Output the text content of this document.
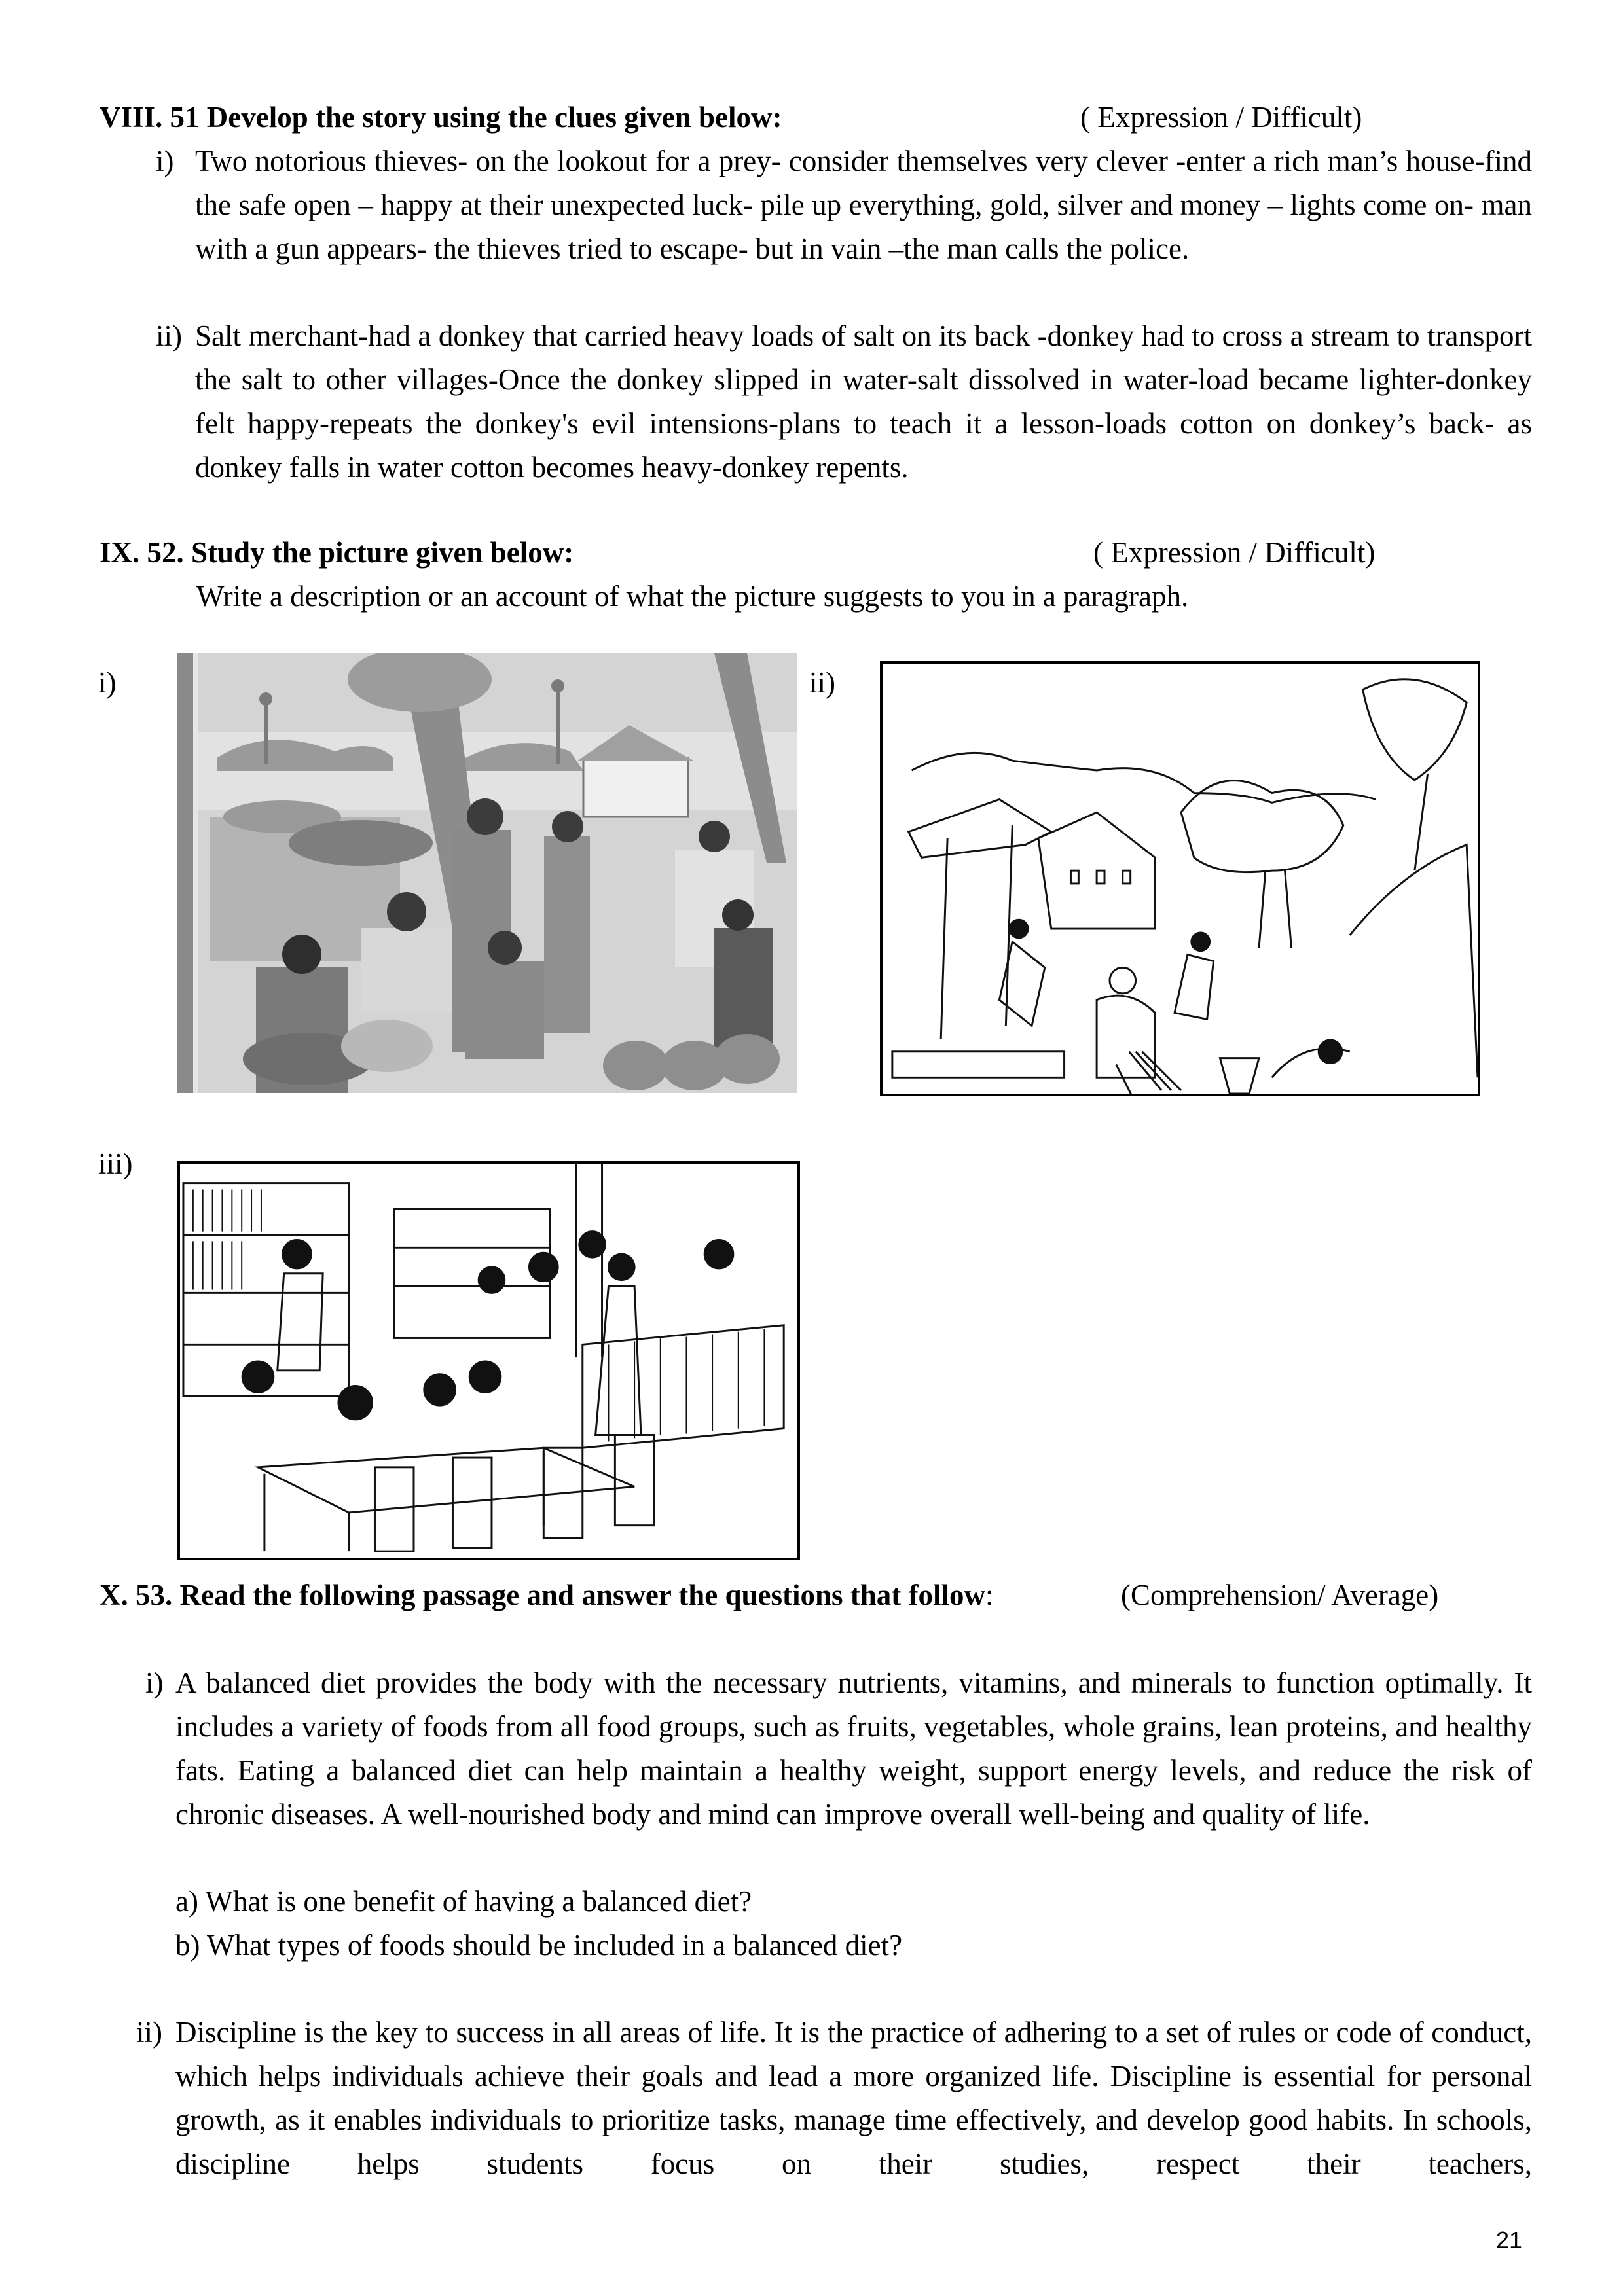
VIII. 51 Develop the story using the clues given below:	( Expression / Difficult)
i) Two notorious thieves- on the lookout for a prey- consider themselves very clever -enter a rich man’s house-find the safe open – happy at their unexpected luck- pile up everything, gold, silver and money – lights come on- man with a gun appears- the thieves tried to escape- but in vain –the man calls the police.
ii) Salt merchant-had a donkey that carried heavy loads of salt on its back -donkey had to cross a stream to transport the salt to other villages-Once the donkey slipped in water-salt dissolved in water-load became lighter-donkey felt happy-repeats the donkey's evil intensions-plans to teach it a lesson-loads cotton on donkey’s back- as donkey falls in water cotton becomes heavy-donkey repents.
IX. 52. Study the picture given below:	( Expression / Difficult)
Write a description or an account of what the picture suggests to you in a paragraph.
i)	ii)
iii)
X. 53. Read the following passage and answer the questions that follow:	(Comprehension/ Average)
i) A balanced diet provides the body with the necessary nutrients, vitamins, and minerals to function optimally. It includes a variety of foods from all food groups, such as fruits, vegetables, whole grains, lean proteins, and healthy fats. Eating a balanced diet can help maintain a healthy weight, support energy levels, and reduce the risk of chronic diseases. A well-nourished body and mind can improve overall well-being and quality of life.
a) What is one benefit of having a balanced diet?
b) What types of foods should be included in a balanced diet?
ii) Discipline is the key to success in all areas of life. It is the practice of adhering to a set of rules or code of conduct, which helps individuals achieve their goals and lead a more organized life. Discipline is essential for personal growth, as it enables individuals to prioritize tasks, manage time effectively, and develop good habits. In schools, discipline helps students focus on their studies, respect their teachers,
21
